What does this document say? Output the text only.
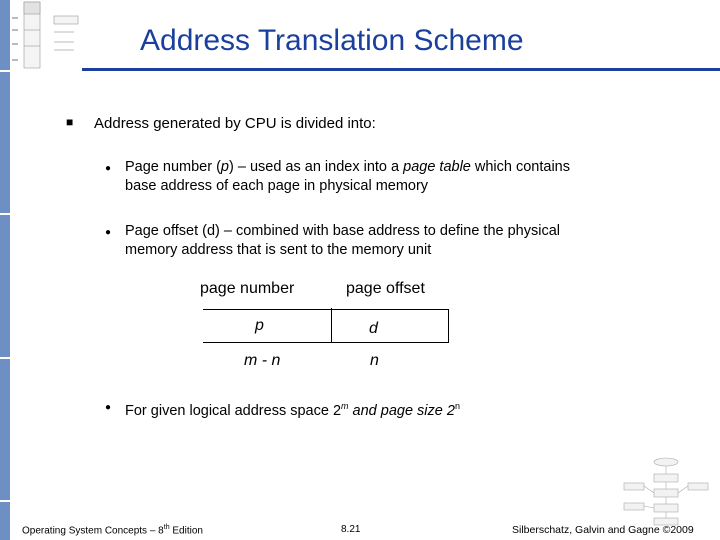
Address Translation Scheme
■ Address generated by CPU is divided into:
● Page number (p) – used as an index into a page table which contains base address of each page in physical memory
● Page offset (d) – combined with base address to define the physical memory address that is sent to the memory unit
page number	page offset
p	d
m - n	n
● For given logical address space 2$^m$ and page size 2$^n$
Operating System Concepts – 8th Edition	8.21	Silberschatz, Galvin and Gagne ©2009
